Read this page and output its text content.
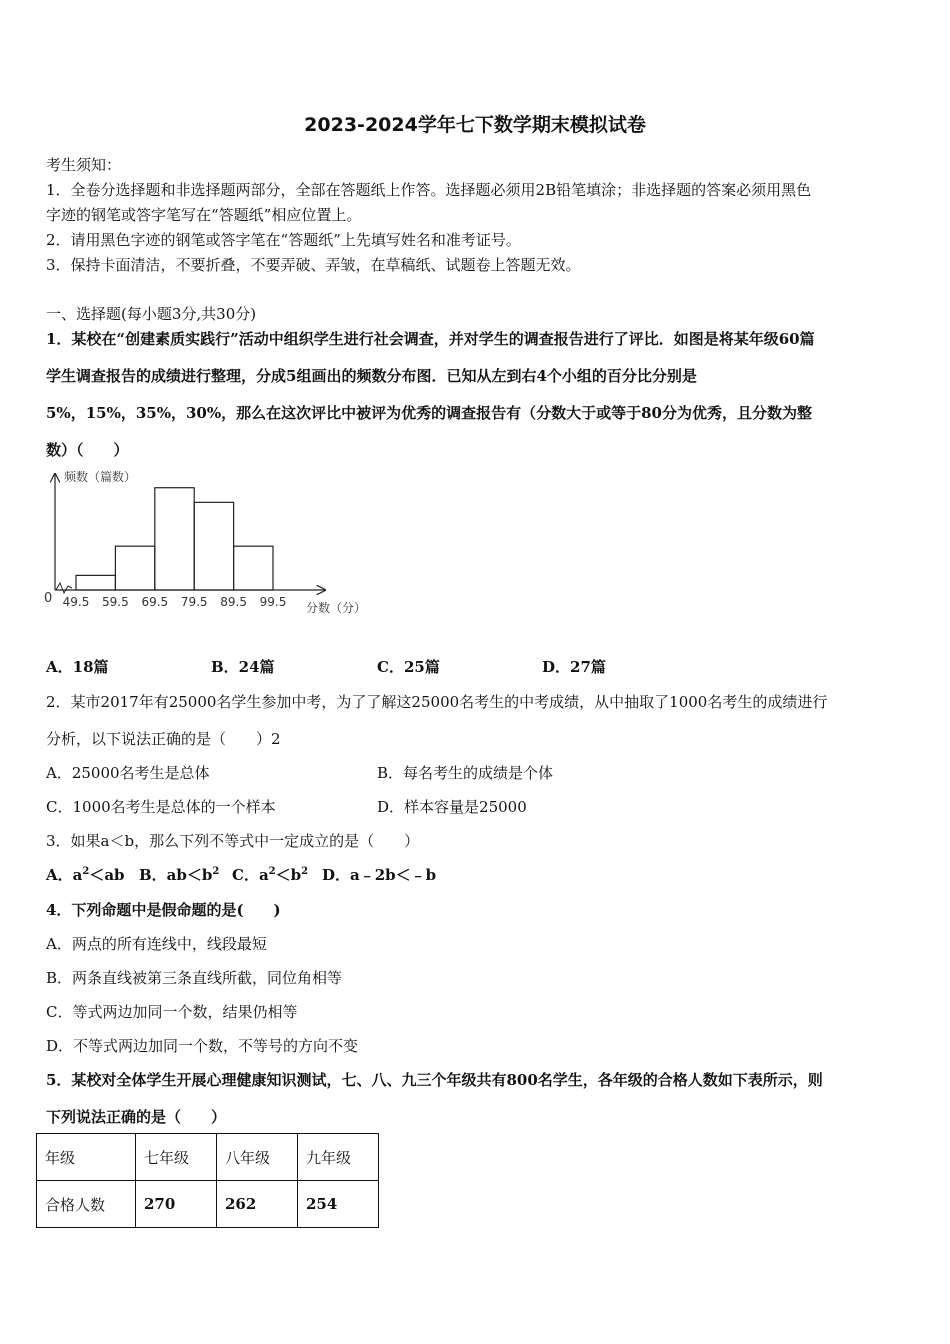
2023-2024学年七下数学期末模拟试卷
考生须知：
1．全卷分选择题和非选择题两部分，全部在答题纸上作答。选择题必须用2B铅笔填涂；非选择题的答案必须用黑色
字迹的钢笔或答字笔写在“答题纸”相应位置上。
2．请用黑色字迹的钢笔或答字笔在“答题纸”上先填写姓名和准考证号。
3．保持卡面清洁，不要折叠，不要弄破、弄皱，在草稿纸、试题卷上答题无效。
一、选择题(每小题3分,共30分)
1．某校在“创建素质实践行”活动中组织学生进行社会调查，并对学生的调查报告进行了评比．如图是将某年级60篇
学生调查报告的成绩进行整理，分成5组画出的频数分布图．已知从左到右4个小组的百分比分别是
5%，15%，35%，30%，那么在这次评比中被评为优秀的调查报告有（分数大于或等于80分为优秀，且分数为整
数）（　　）
49.5 59.5 69.5 79.5 89.5 99.5
频数（篇数）
分数（分）
0
A．18篇	B．24篇	C．25篇	D．27篇
2．某市2017年有25000名学生参加中考，为了了解这25000名考生的中考成绩，从中抽取了1000名考生的成绩进行
分析，以下说法正确的是（　　）2
A．25000名考生是总体	B．每名考生的成绩是个体
C．1000名考生是总体的一个样本	D．样本容量是25000
3．如果a＜b，那么下列不等式中一定成立的是（　　）
A．$a^2<ab$ B．$ab<b^2$ C．$a^2<b^2$ D．a﹣2b＜﹣b
4．下列命题中是假命题的是(　　)
A．两点的所有连线中，线段最短
B．两条直线被第三条直线所截，同位角相等
C．等式两边加同一个数，结果仍相等
D．不等式两边加同一个数，不等号的方向不变
5．某校对全体学生开展心理健康知识测试，七、八、九三个年级共有800名学生，各年级的合格人数如下表所示，则
下列说法正确的是（　　）
年级	七年级	八年级	九年级
合格人数	270	262	254
